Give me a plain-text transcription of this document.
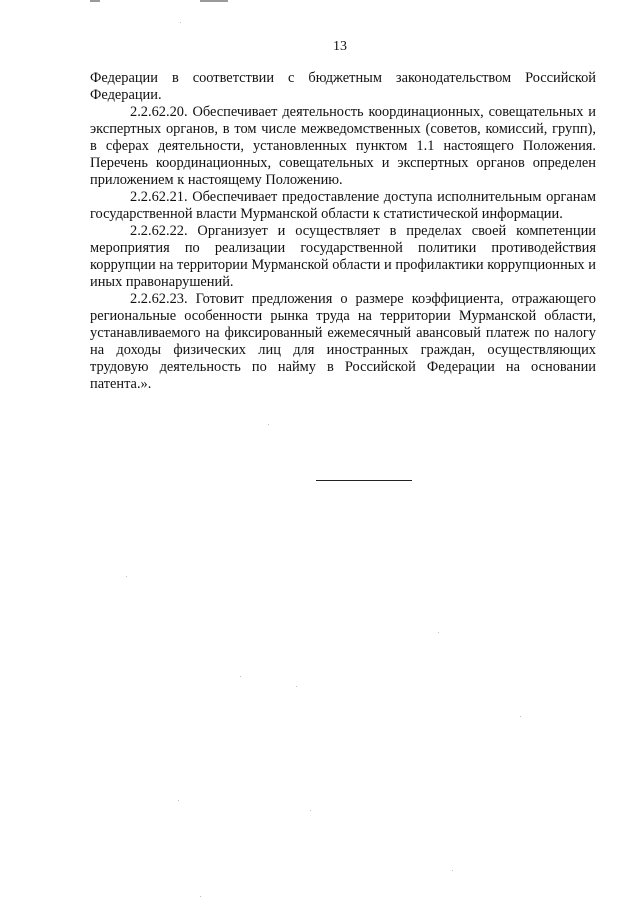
13

Федерации в соответствии с бюджетным законодательством Российской Федерации.

2.2.62.20. Обеспечивает деятельность координационных, совещательных и экспертных органов, в том числе межведомственных (советов, комиссий, групп), в сферах деятельности, установленных пунктом 1.1 настоящего Положения. Перечень координационных, совещательных и экспертных органов определен приложением к настоящему Положению.

2.2.62.21. Обеспечивает предоставление доступа исполнительным органам государственной власти Мурманской области к статистической информации.

2.2.62.22. Организует и осуществляет в пределах своей компетенции мероприятия по реализации государственной политики противодействия коррупции на территории Мурманской области и профилактики коррупционных и иных правонарушений.

2.2.62.23. Готовит предложения о размере коэффициента, отражающего региональные особенности рынка труда на территории Мурманской области, устанавливаемого на фиксированный ежемесячный авансовый платеж по налогу на доходы физических лиц для иностранных граждан, осуществляющих трудовую деятельность по найму в Российской Федерации на основании патента.».
